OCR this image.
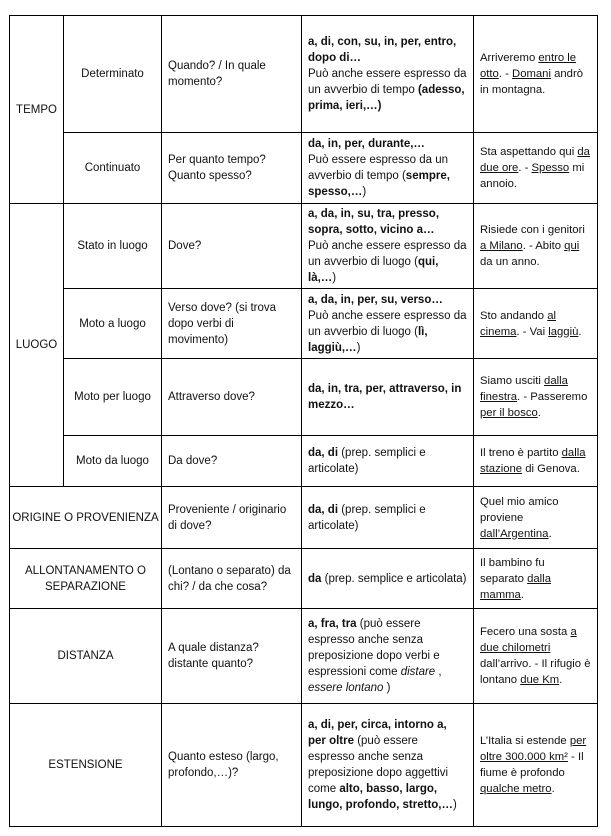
TEMPO
LUOGO
ORIGINE O PROVENIENZA
ALLONTANAMENTO O SEPARAZIONE
DISTANZA
ESTENSIONE
Determinato
Continuato
Stato in luogo
Moto a luogo
Moto per luogo
Moto da luogo
Quando? / In quale momento?
Per quanto tempo? Quanto spesso?
Dove?
Verso dove? (si trova dopo verbi di movimento)
Attraverso dove?
Da dove?
Proveniente / originario di dove?
(Lontano o separato) da chi? / da che cosa?
A quale distanza? distante quanto?
Quanto esteso (largo, profondo,…)?
a, di, con, su, in, per, entro, dopo di…
Può anche essere espresso da un avverbio di tempo (adesso, prima, ieri,…)
da, in, per, durante,…
Può essere espresso da un avverbio di tempo (sempre, spesso,…)
a, da, in, su, tra, presso, sopra, sotto, vicino a…
Può anche essere espresso da un avverbio di luogo (qui, là,…)
a, da, in, per, su, verso…
Può anche essere espresso da un avverbio di luogo (lì, laggiù,…)
da, in, tra, per, attraverso, in mezzo…
da, di (prep. semplici e articolate)
da, di (prep. semplici e articolate)
da (prep. semplice e articolata)
a, fra, tra (può essere espresso anche senza preposizione dopo verbi e espressioni come distare , essere lontano )
a, di, per, circa, intorno a, per oltre (può essere espresso anche senza preposizione dopo aggettivi come alto, basso, largo, lungo, profondo, stretto,…)
Arriveremo entro le otto. - Domani andrò in montagna.
Sta aspettando qui da due ore. - Spesso mi annoio.
Risiede con i genitori a Milano. - Abito qui da un anno.
Sto andando al cinema. - Vai laggiù.
Siamo usciti dalla finestra. - Passeremo per il bosco.
Il treno è partito dalla stazione di Genova.
Quel mio amico proviene dall’Argentina.
Il bambino fu separato dalla mamma.
Fecero una sosta a due chilometri dall’arrivo. - Il rifugio è lontano due Km.
L’Italia si estende per oltre 300.000 km² - Il fiume è profondo qualche metro.
